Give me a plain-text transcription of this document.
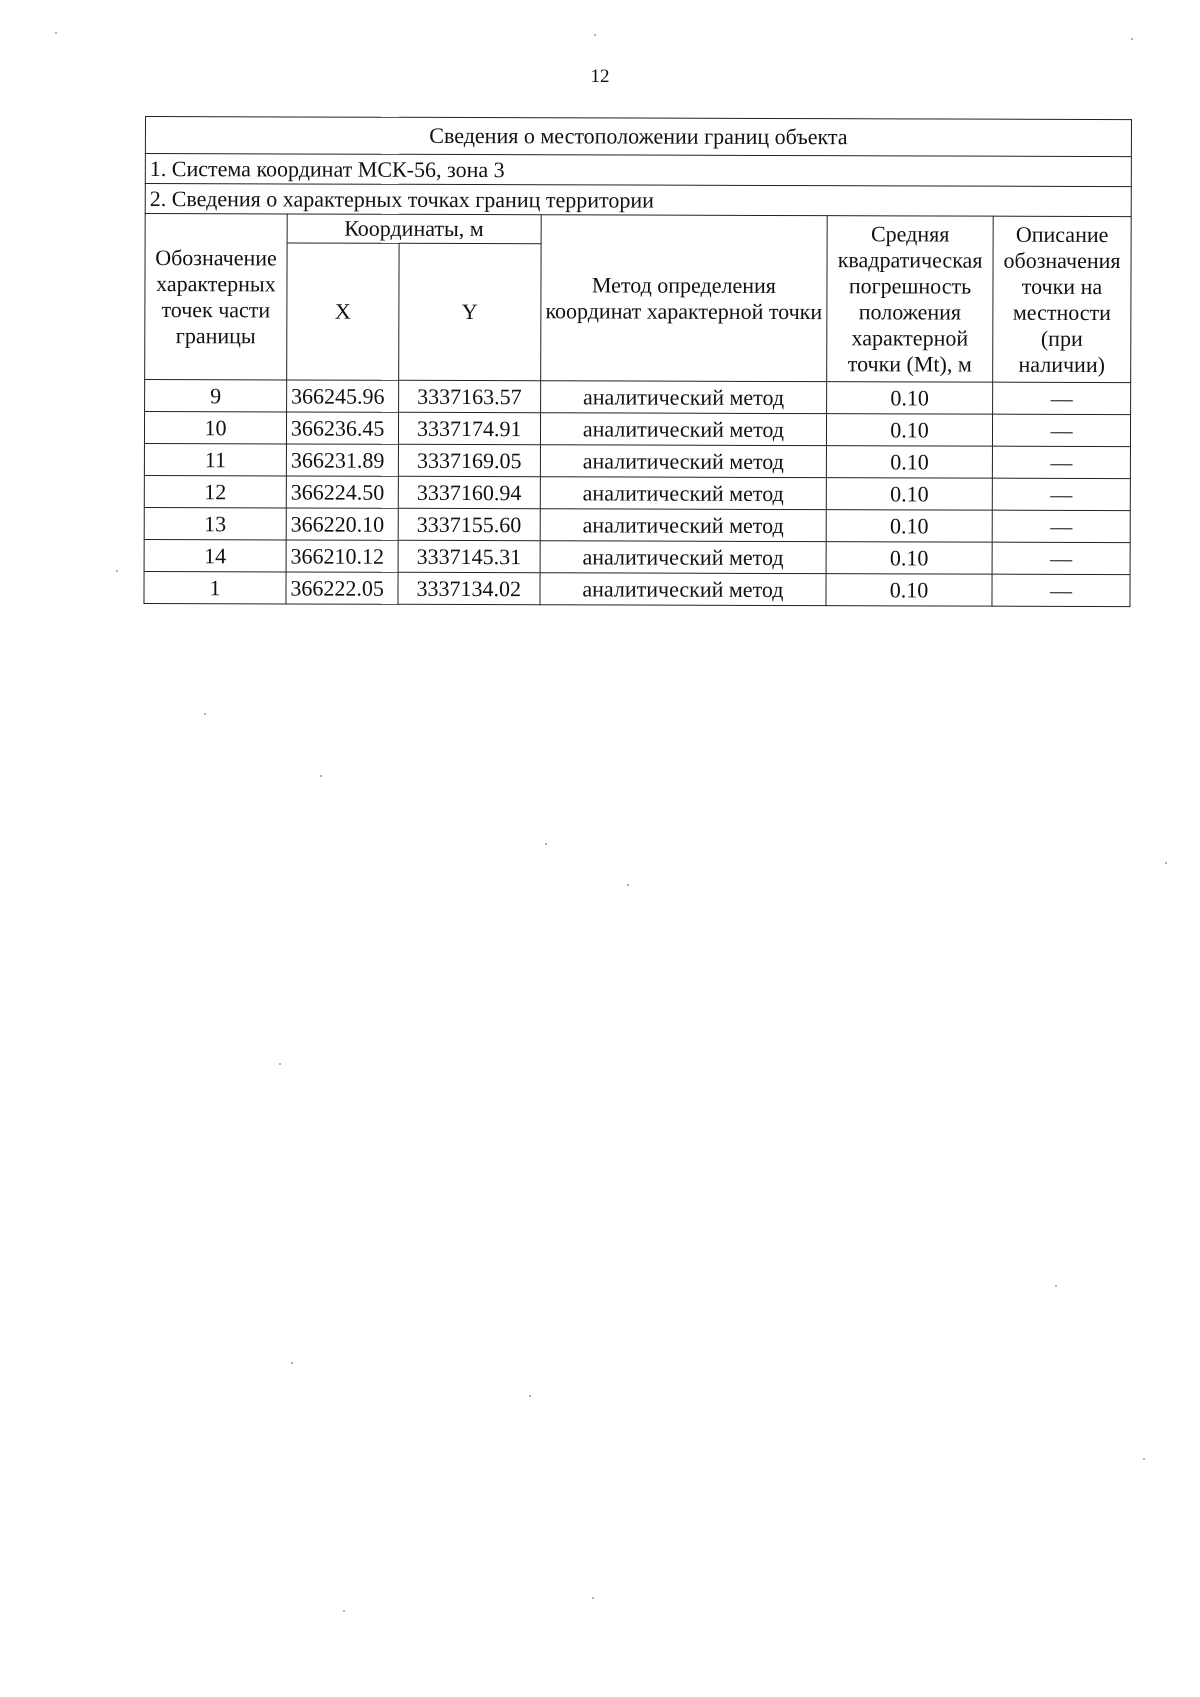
12
Сведения о местоположении границ объекта					
1. Система координат МСК-56, зона 3					
2. Сведения о характерных точках границ территории					
Обозначение характерных точек части границы	Координаты, м		Метод определения координат характерной точки	Средняя квадратическая погрешность положения характерной точки (Mt), м	Описание обозначения точки на местности (при наличии)
	X	Y			
9	366245.96	3337163.57	аналитический метод	0.10	—
10	366236.45	3337174.91	аналитический метод	0.10	—
11	366231.89	3337169.05	аналитический метод	0.10	—
12	366224.50	3337160.94	аналитический метод	0.10	—
13	366220.10	3337155.60	аналитический метод	0.10	—
14	366210.12	3337145.31	аналитический метод	0.10	—
1	366222.05	3337134.02	аналитический метод	0.10	—
